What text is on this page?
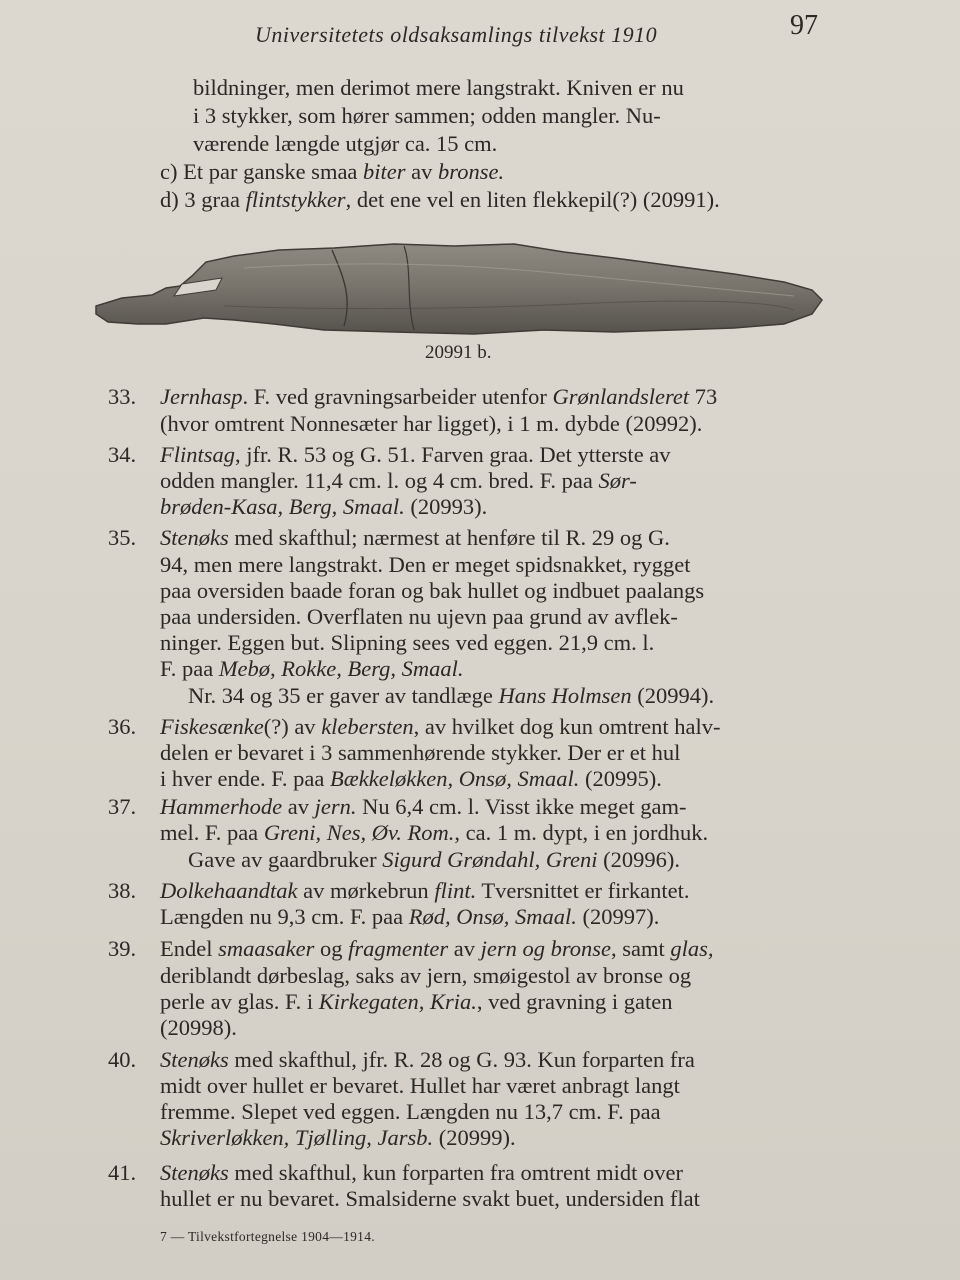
Universitetets oldsaksamlings tilvekst 1910	97
bildninger, men derimot mere langstrakt. Kniven er nu
i 3 stykker, som hører sammen; odden mangler. Nu-
værende længde utgjør ca. 15 cm.
c) Et par ganske smaa biter av bronse.
d) 3 graa flintstykker, det ene vel en liten flekkepil(?) (20991).
20991 b.
33. Jernhasp. F. ved gravningsarbeider utenfor Grønlandsleret 73
(hvor omtrent Nonnesæter har ligget), i 1 m. dybde (20992).
34. Flintsag, jfr. R. 53 og G. 51. Farven graa. Det ytterste av
odden mangler. 11,4 cm. l. og 4 cm. bred. F. paa Sør-
brøden-Kasa, Berg, Smaal. (20993).
35. Stenøks med skafthul; nærmest at henføre til R. 29 og G.
94, men mere langstrakt. Den er meget spidsnakket, rygget
paa oversiden baade foran og bak hullet og indbuet paalangs
paa undersiden. Overflaten nu ujevn paa grund av avflek-
ninger. Eggen but. Slipning sees ved eggen. 21,9 cm. l.
F. paa Mebø, Rokke, Berg, Smaal.
Nr. 34 og 35 er gaver av tandlæge Hans Holmsen (20994).
36. Fiskesænke(?) av klebersten, av hvilket dog kun omtrent halv-
delen er bevaret i 3 sammenhørende stykker. Der er et hul
i hver ende. F. paa Bækkeløkken, Onsø, Smaal. (20995).
37. Hammerhode av jern. Nu 6,4 cm. l. Visst ikke meget gam-
mel. F. paa Greni, Nes, Øv. Rom., ca. 1 m. dypt, i en jordhuk.
Gave av gaardbruker Sigurd Grøndahl, Greni (20996).
38. Dolkehaandtak av mørkebrun flint. Tversnittet er firkantet.
Længden nu 9,3 cm. F. paa Rød, Onsø, Smaal. (20997).
39. Endel smaasaker og fragmenter av jern og bronse, samt glas,
deriblandt dørbeslag, saks av jern, smøigestol av bronse og
perle av glas. F. i Kirkegaten, Kria., ved gravning i gaten
(20998).
40. Stenøks med skafthul, jfr. R. 28 og G. 93. Kun forparten fra
midt over hullet er bevaret. Hullet har været anbragt langt
fremme. Slepet ved eggen. Længden nu 13,7 cm. F. paa
Skriverløkken, Tjølling, Jarsb. (20999).
41. Stenøks med skafthul, kun forparten fra omtrent midt over
hullet er nu bevaret. Smalsiderne svakt buet, undersiden flat
7 — Tilvekstfortegnelse 1904—1914.
